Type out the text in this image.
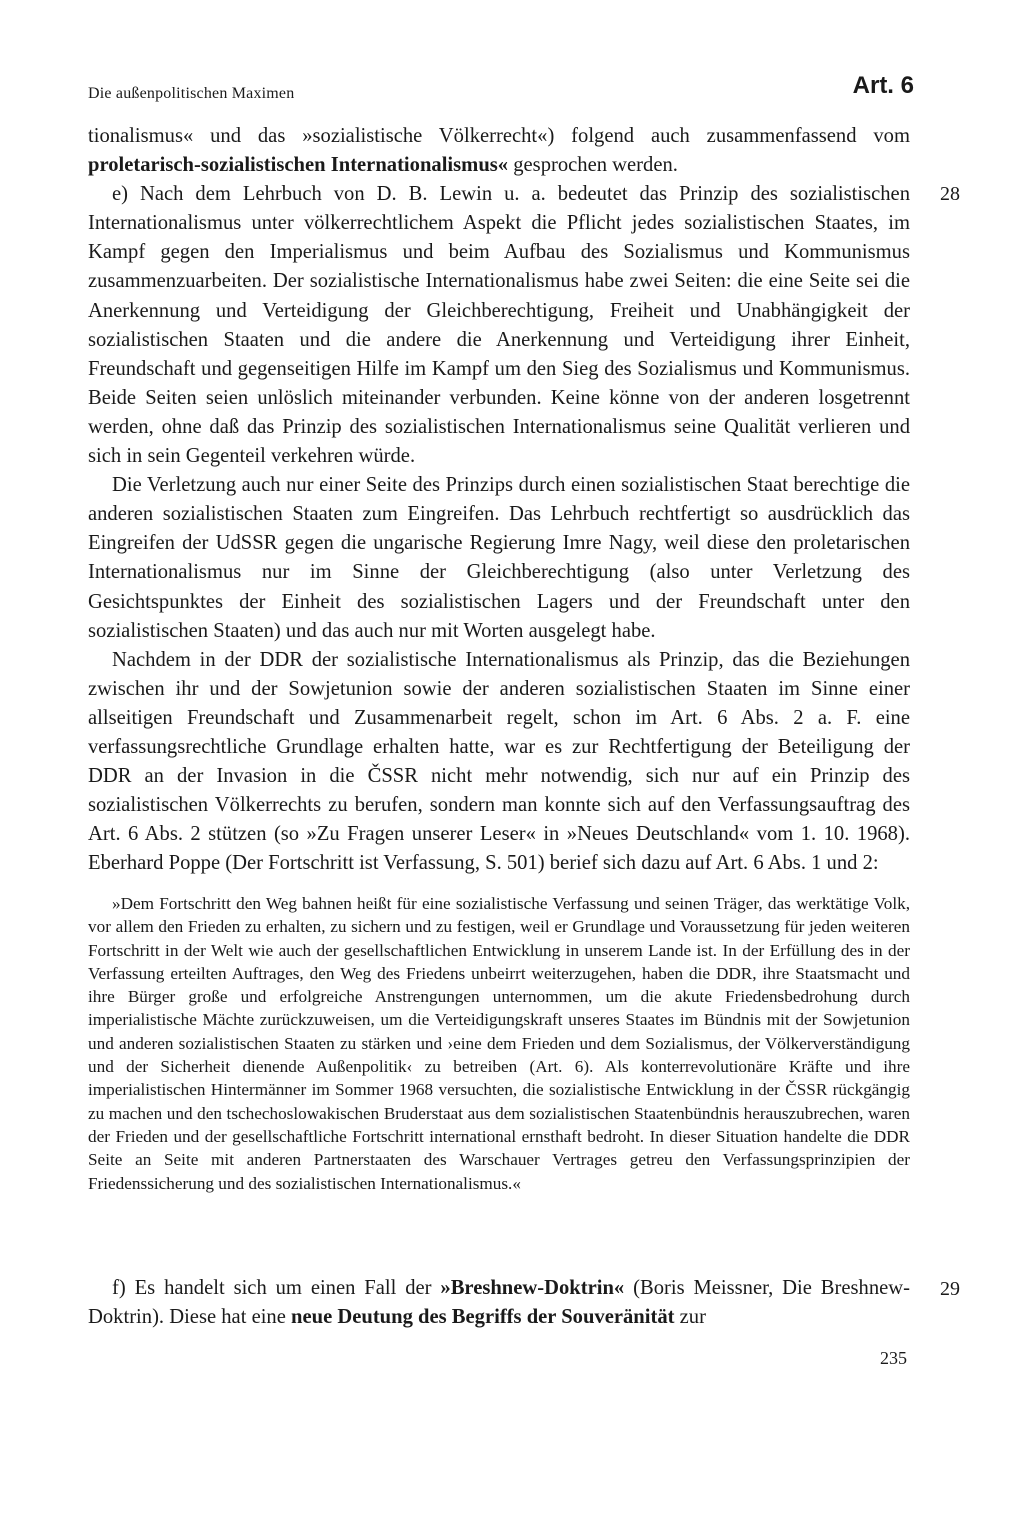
Die außenpolitischen Maximen	Art. 6

tionalismus« und das »sozialistische Völkerrecht«) folgend auch zusammenfassend vom proletarisch-sozialistischen Internationalismus« gesprochen werden.

e) Nach dem Lehrbuch von D. B. Lewin u. a. bedeutet das Prinzip des sozialistischen Internationalismus unter völkerrechtlichem Aspekt die Pflicht jedes sozialistischen Staates, im Kampf gegen den Imperialismus und beim Aufbau des Sozialismus und Kommunismus zusammenzuarbeiten. Der sozialistische Internationalismus habe zwei Seiten: die eine Seite sei die Anerkennung und Verteidigung der Gleichberechtigung, Freiheit und Unabhängigkeit der sozialistischen Staaten und die andere die Anerkennung und Verteidigung ihrer Einheit, Freundschaft und gegenseitigen Hilfe im Kampf um den Sieg des Sozialismus und Kommunismus. Beide Seiten seien unlöslich miteinander verbunden. Keine könne von der anderen losgetrennt werden, ohne daß das Prinzip des sozialistischen Internationalismus seine Qualität verlieren und sich in sein Gegenteil verkehren würde.

Die Verletzung auch nur einer Seite des Prinzips durch einen sozialistischen Staat berechtige die anderen sozialistischen Staaten zum Eingreifen. Das Lehrbuch rechtfertigt so ausdrücklich das Eingreifen der UdSSR gegen die ungarische Regierung Imre Nagy, weil diese den proletarischen Internationalismus nur im Sinne der Gleichberechtigung (also unter Verletzung des Gesichtspunktes der Einheit des sozialistischen Lagers und der Freundschaft unter den sozialistischen Staaten) und das auch nur mit Worten ausgelegt habe.

Nachdem in der DDR der sozialistische Internationalismus als Prinzip, das die Beziehungen zwischen ihr und der Sowjetunion sowie der anderen sozialistischen Staaten im Sinne einer allseitigen Freundschaft und Zusammenarbeit regelt, schon im Art. 6 Abs. 2 a. F. eine verfassungsrechtliche Grundlage erhalten hatte, war es zur Rechtfertigung der Beteiligung der DDR an der Invasion in die ČSSR nicht mehr notwendig, sich nur auf ein Prinzip des sozialistischen Völkerrechts zu berufen, sondern man konnte sich auf den Verfassungsauftrag des Art. 6 Abs. 2 stützen (so »Zu Fragen unserer Leser« in »Neues Deutschland« vom 1. 10. 1968). Eberhard Poppe (Der Fortschritt ist Verfassung, S. 501) berief sich dazu auf Art. 6 Abs. 1 und 2:

»Dem Fortschritt den Weg bahnen heißt für eine sozialistische Verfassung und seinen Träger, das werktätige Volk, vor allem den Frieden zu erhalten, zu sichern und zu festigen, weil er Grundlage und Voraussetzung für jeden weiteren Fortschritt in der Welt wie auch der gesellschaftlichen Entwicklung in unserem Lande ist. In der Erfüllung des in der Verfassung erteilten Auftrages, den Weg des Friedens unbeirrt weiterzugehen, haben die DDR, ihre Staatsmacht und ihre Bürger große und erfolgreiche Anstrengungen unternommen, um die akute Friedensbedrohung durch imperialistische Mächte zurückzuweisen, um die Verteidigungskraft unseres Staates im Bündnis mit der Sowjetunion und anderen sozialistischen Staaten zu stärken und ›eine dem Frieden und dem Sozialismus, der Völkerverständigung und der Sicherheit dienende Außenpolitik‹ zu betreiben (Art. 6). Als konterrevolutionäre Kräfte und ihre imperialistischen Hintermänner im Sommer 1968 versuchten, die sozialistische Entwicklung in der ČSSR rückgängig zu machen und den tschechoslowakischen Bruderstaat aus dem sozialistischen Staatenbündnis herauszubrechen, waren der Frieden und der gesellschaftliche Fortschritt international ernsthaft bedroht. In dieser Situation handelte die DDR Seite an Seite mit anderen Partnerstaaten des Warschauer Vertrages getreu den Verfassungsprinzipien der Friedenssicherung und des sozialistischen Internationalismus.«

f) Es handelt sich um einen Fall der »Breshnew-Doktrin« (Boris Meissner, Die Breshnew-Doktrin). Diese hat eine neue Deutung des Begriffs der Souveränität zur

28
29
235
